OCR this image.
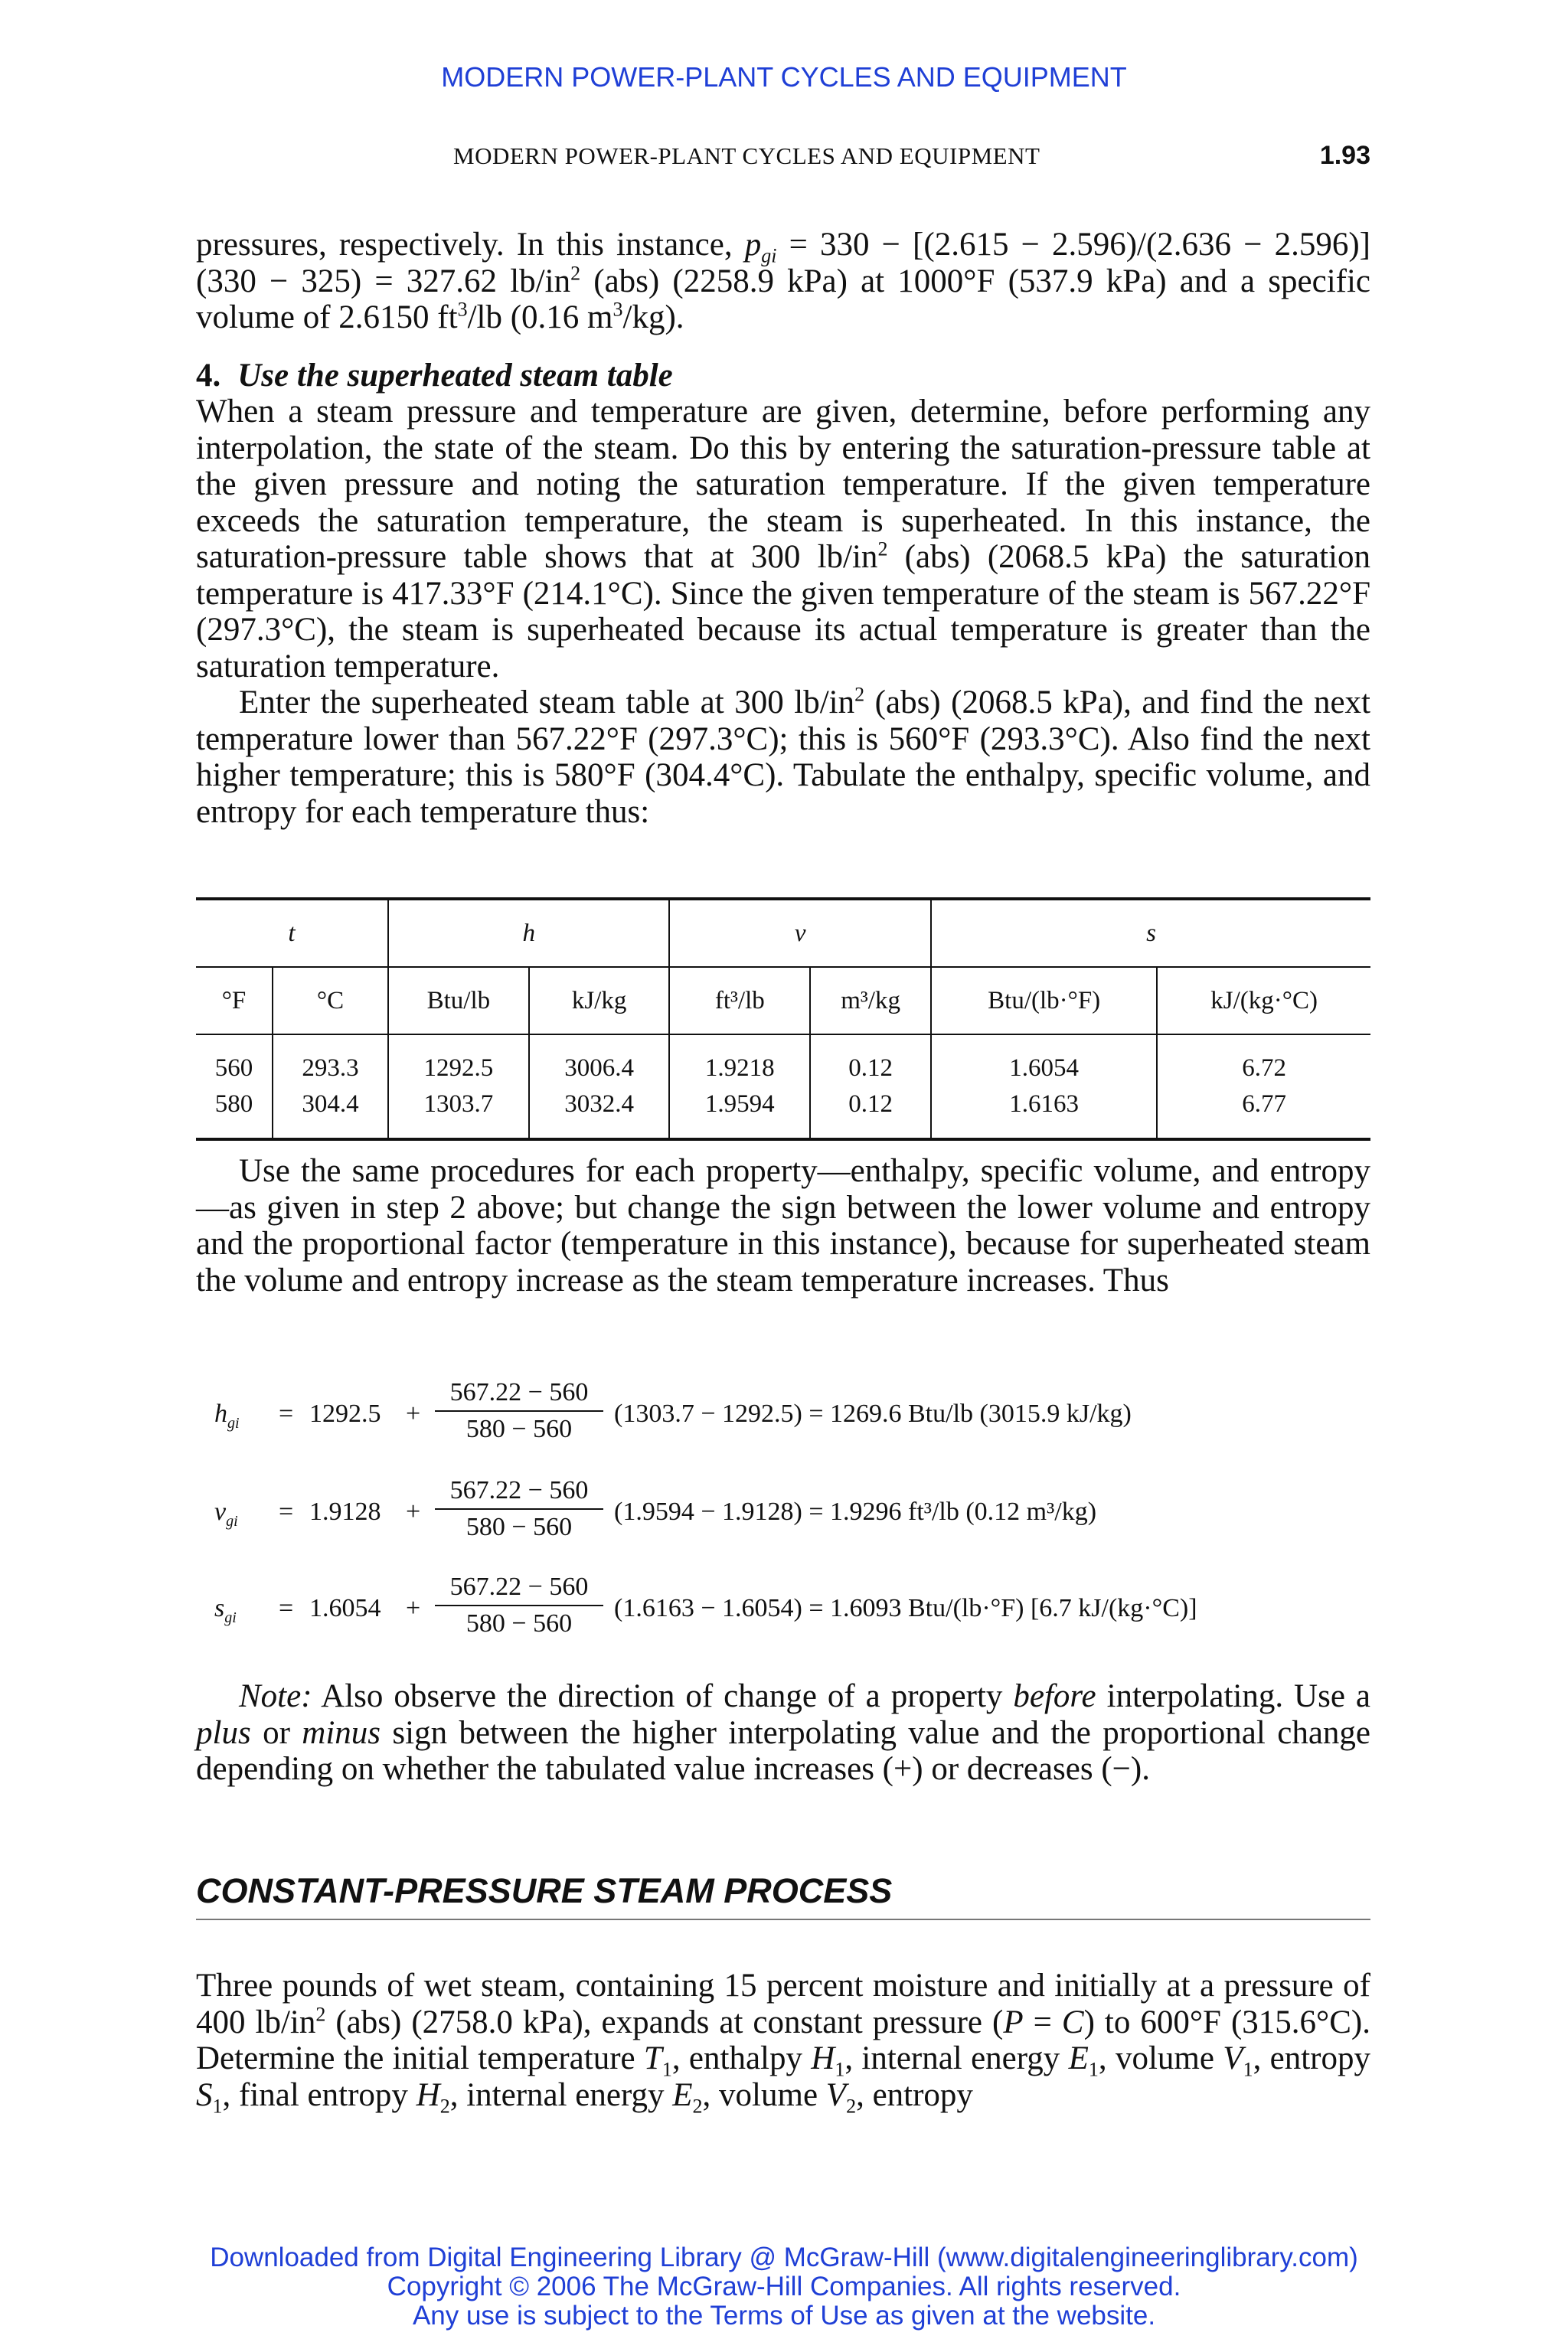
MODERN POWER-PLANT CYCLES AND EQUIPMENT
MODERN POWER-PLANT CYCLES AND EQUIPMENT	1.93

pressures, respectively. In this instance, $p_{gi} = 330 - [(2.615 - 2.596)/(2.636 - 2.596)](330 - 325) = 327.62$ $lb/in^2$ (abs) (2258.9 kPa) at 1000°F (537.9 kPa) and a specific volume of 2.6150 $ft^3/lb$ (0.16 $m^3/kg$).

4. Use the superheated steam table

When a steam pressure and temperature are given, determine, before performing any interpolation, the state of the steam. Do this by entering the saturation-pressure table at the given pressure and noting the saturation temperature. If the given temperature exceeds the saturation temperature, the steam is superheated. In this instance, the saturation-pressure table shows that at 300 $lb/in^2$ (abs) (2068.5 kPa) the saturation temperature is 417.33°F (214.1°C). Since the given temperature of the steam is 567.22°F (297.3°C), the steam is superheated because its actual temperature is greater than the saturation temperature.

Enter the superheated steam table at 300 $lb/in^2$ (abs) (2068.5 kPa), and find the next temperature lower than 567.22°F (297.3°C); this is 560°F (293.3°C). Also find the next higher temperature; this is 580°F (304.4°C). Tabulate the enthalpy, specific volume, and entropy for each temperature thus:

t		h		v		s	
°F	°C	Btu/lb	kJ/kg	ft³/lb	m³/kg	Btu/(lb·°F)	kJ/(kg·°C)
560	293.3	1292.5	3006.4	1.9218	0.12	1.6054	6.72
580	304.4	1303.7	3032.4	1.9594	0.12	1.6163	6.77

Use the same procedures for each property—enthalpy, specific volume, and entropy—as given in step 2 above; but change the sign between the lower volume and entropy and the proportional factor (temperature in this instance), because for superheated steam the volume and entropy increase as the steam temperature increases. Thus

$h_{gi} = 1292.5 + \frac{567.22 - 560}{580 - 560} (1303.7 - 1292.5) = 1269.6$ Btu/lb (3015.9 kJ/kg)
$v_{gi} = 1.9128 + \frac{567.22 - 560}{580 - 560} (1.9594 - 1.9128) = 1.9296$ ft³/lb (0.12 m³/kg)
$s_{gi} = 1.6054 + \frac{567.22 - 560}{580 - 560} (1.6163 - 1.6054) = 1.6093$ Btu/(lb·°F) [6.7 kJ/(kg·°C)]

Note: Also observe the direction of change of a property before interpolating. Use a plus or minus sign between the higher interpolating value and the proportional change depending on whether the tabulated value increases (+) or decreases (−).

CONSTANT-PRESSURE STEAM PROCESS

Three pounds of wet steam, containing 15 percent moisture and initially at a pressure of 400 $lb/in^2$ (abs) (2758.0 kPa), expands at constant pressure (P = C) to 600°F (315.6°C). Determine the initial temperature $T_1$, enthalpy $H_1$, internal energy $E_1$, volume $V_1$, entropy $S_1$, final entropy $H_2$, internal energy $E_2$, volume $V_2$, entropy

Downloaded from Digital Engineering Library @ McGraw-Hill (www.digitalengineeringlibrary.com)
Copyright © 2006 The McGraw-Hill Companies. All rights reserved.
Any use is subject to the Terms of Use as given at the website.
